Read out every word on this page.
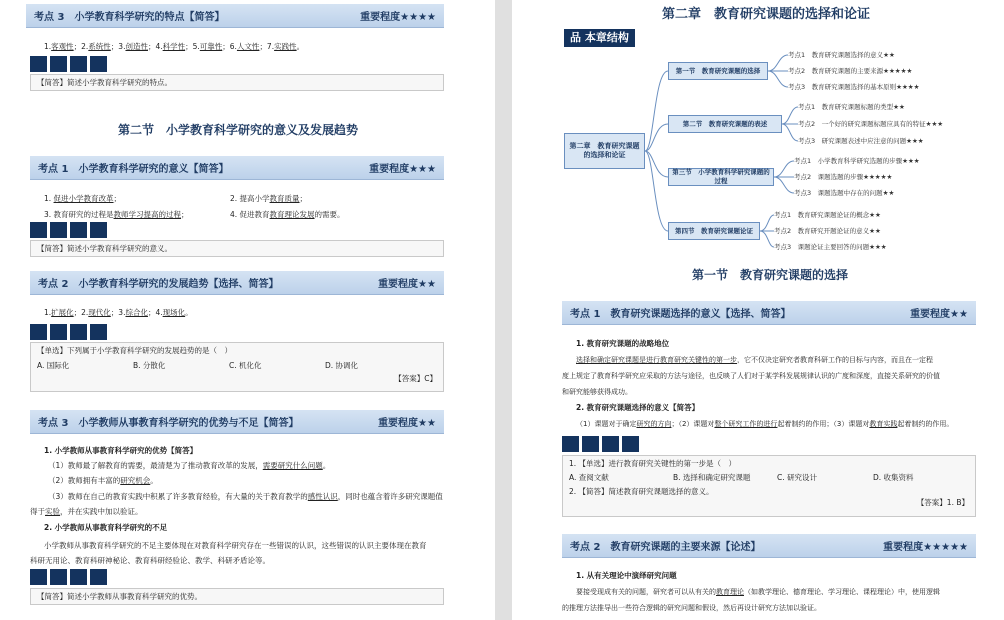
考点 3　小学教育科学研究的特点【简答】	重要程度★★★★
1.客观性；2.系统性；3.创造性；4.科学性；5.可靠性；6.人文性；7.实践性。
【简答】简述小学教育科学研究的特点。
第二节　小学教育科学研究的意义及发展趋势
考点 1　小学教育科学研究的意义【简答】	重要程度★★★
1. 促进小学教育改革；	2. 提高小学教育质量；
3. 教育研究的过程是教师学习提高的过程；	4. 促进教育教育理论发展的需要。
【简答】简述小学教育科学研究的意义。
考点 2　小学教育科学研究的发展趋势【选择、简答】	重要程度★★
1.扩展化；2.现代化；3.综合化；4.现场化。
【单选】下列属于小学教育科学研究的发展趋势的是（　）
A. 国际化	B. 分散化	C. 机化化	D. 协调化
【答案】C】
考点 3　小学教师从事教育科学研究的优势与不足【简答】	重要程度★★
1. 小学教师从事教育科学研究的优势【简答】
（1）教师最了解教育的需要，最清楚为了推动教育改革的发展，需要研究什么问题。
（2）教师拥有丰富的研究机会。
（3）教师在自己的教育实践中积累了许多教育经验，有大量的关于教育教学的感性认识，同时也蕴含着许多研究课题值
得于实验，并在实践中加以验证。
2. 小学教师从事教育科学研究的不足
小学教师从事教育科学研究的不足主要体现在对教育科学研究存在一些错误的认识，这些错误的认识主要体现在教育
科研无用论、教育科研神秘论、教育科研经验论、教学、科研矛盾论等。
【简答】简述小学教师从事教育科学研究的优势。
第二章　教育研究课题的选择和论证
品 本章结构
第二章　教育研究课题的选择和论证
第一节　教育研究课题的选择
第二节　教育研究课题的表述
第三节　小学教育科学研究课题的过程
第四节　教育研究课题论证
考点1　教育研究课题选择的意义★★
考点2　教育研究课题的主要来源★★★★★
考点3　教育研究课题选择的基本原则★★★★
考点1　教育研究课题标题的类型★★
考点2　一个好的研究课题标题应具有的特征★★★
考点3　研究课题表述中应注意的问题★★★
考点1　小学教育科学研究选题的步骤★★★
考点2　课题选题的步骤★★★★★
考点3　课题选题中存在的问题★★
考点1　教育研究课题论证的概念★★
考点2　教育研究开题论证的意义★★
考点3　课题论证主要回答的问题★★★
第一节　教育研究课题的选择
考点 1　教育研究课题选择的意义【选择、简答】	重要程度★★
1. 教育研究课题的战略地位
选择和确定研究课题是进行教育研究关键性的第一步，它不仅决定研究者教育科研工作的目标与内容，而且在一定程
度上规定了教育科学研究应采取的方法与途径，也反映了人们对于某学科发展规律认识的广度和深度，直接关系研究的价值
和研究能够获得成功。
2. 教育研究课题选择的意义【简答】
（1）课题对于确定研究的方向；（2）课题对整个研究工作的进行起着制约的作用；（3）课题对教育实践起着制约的作用。
1. 【单选】进行教育研究关键性的第一步是（　）
A. 查阅文献	B. 选择和确定研究课题	C. 研究设计	D. 收集资料
2. 【简答】简述教育研究课题选择的意义。
【答案】1. B】
考点 2　教育研究课题的主要来源【论述】	重要程度★★★★★
1. 从有关理论中演绎研究问题
要接受现成有关的问题，研究者可以从有关的教育理论（如教学理论、德育理论、学习理论、课程理论）中，使用逻辑
的推理方法推导出一些符合逻辑的研究问题和假设，然后再设计研究方法加以验证。
